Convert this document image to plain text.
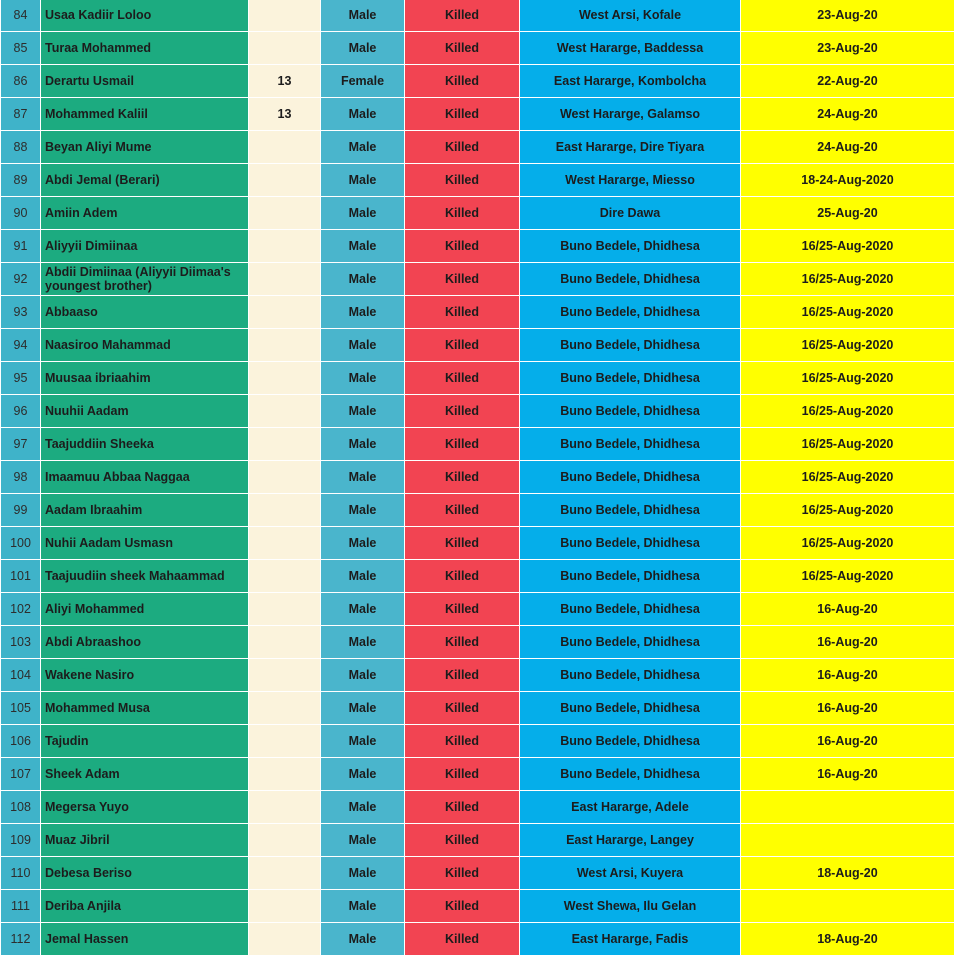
84	Usaa Kadiir Loloo		Male	Killed	West Arsi, Kofale	23-Aug-20
85	Turaa Mohammed		Male	Killed	West Hararge, Baddessa	23-Aug-20
86	Derartu Usmail	13	Female	Killed	East Hararge, Kombolcha	22-Aug-20
87	Mohammed Kaliil	13	Male	Killed	West Hararge, Galamso	24-Aug-20
88	Beyan Aliyi Mume		Male	Killed	East Hararge, Dire Tiyara	24-Aug-20
89	Abdi Jemal (Berari)		Male	Killed	West Hararge, Miesso	18-24-Aug-2020
90	Amiin Adem		Male	Killed	Dire Dawa	25-Aug-20
91	Aliyyii Dimiinaa		Male	Killed	Buno Bedele, Dhidhesa	16/25-Aug-2020
92	Abdii Dimiinaa (Aliyyii Diimaa's youngest brother)		Male	Killed	Buno Bedele, Dhidhesa	16/25-Aug-2020
93	Abbaaso		Male	Killed	Buno Bedele, Dhidhesa	16/25-Aug-2020
94	Naasiroo Mahammad		Male	Killed	Buno Bedele, Dhidhesa	16/25-Aug-2020
95	Muusaa ibriaahim		Male	Killed	Buno Bedele, Dhidhesa	16/25-Aug-2020
96	Nuuhii Aadam		Male	Killed	Buno Bedele, Dhidhesa	16/25-Aug-2020
97	Taajuddiin Sheeka		Male	Killed	Buno Bedele, Dhidhesa	16/25-Aug-2020
98	Imaamuu Abbaa Naggaa		Male	Killed	Buno Bedele, Dhidhesa	16/25-Aug-2020
99	Aadam Ibraahim		Male	Killed	Buno Bedele, Dhidhesa	16/25-Aug-2020
100	Nuhii Aadam Usmasn		Male	Killed	Buno Bedele, Dhidhesa	16/25-Aug-2020
101	Taajuudiin sheek Mahaammad		Male	Killed	Buno Bedele, Dhidhesa	16/25-Aug-2020
102	Aliyi Mohammed		Male	Killed	Buno Bedele, Dhidhesa	16-Aug-20
103	Abdi Abraashoo		Male	Killed	Buno Bedele, Dhidhesa	16-Aug-20
104	Wakene Nasiro		Male	Killed	Buno Bedele, Dhidhesa	16-Aug-20
105	Mohammed Musa		Male	Killed	Buno Bedele, Dhidhesa	16-Aug-20
106	Tajudin		Male	Killed	Buno Bedele, Dhidhesa	16-Aug-20
107	Sheek Adam		Male	Killed	Buno Bedele, Dhidhesa	16-Aug-20
108	Megersa Yuyo		Male	Killed	East Hararge, Adele	
109	Muaz Jibril		Male	Killed	East Hararge, Langey	
110	Debesa Beriso		Male	Killed	West Arsi, Kuyera	18-Aug-20
111	Deriba Anjila		Male	Killed	West Shewa, Ilu Gelan	
112	Jemal Hassen		Male	Killed	East Hararge, Fadis	18-Aug-20
